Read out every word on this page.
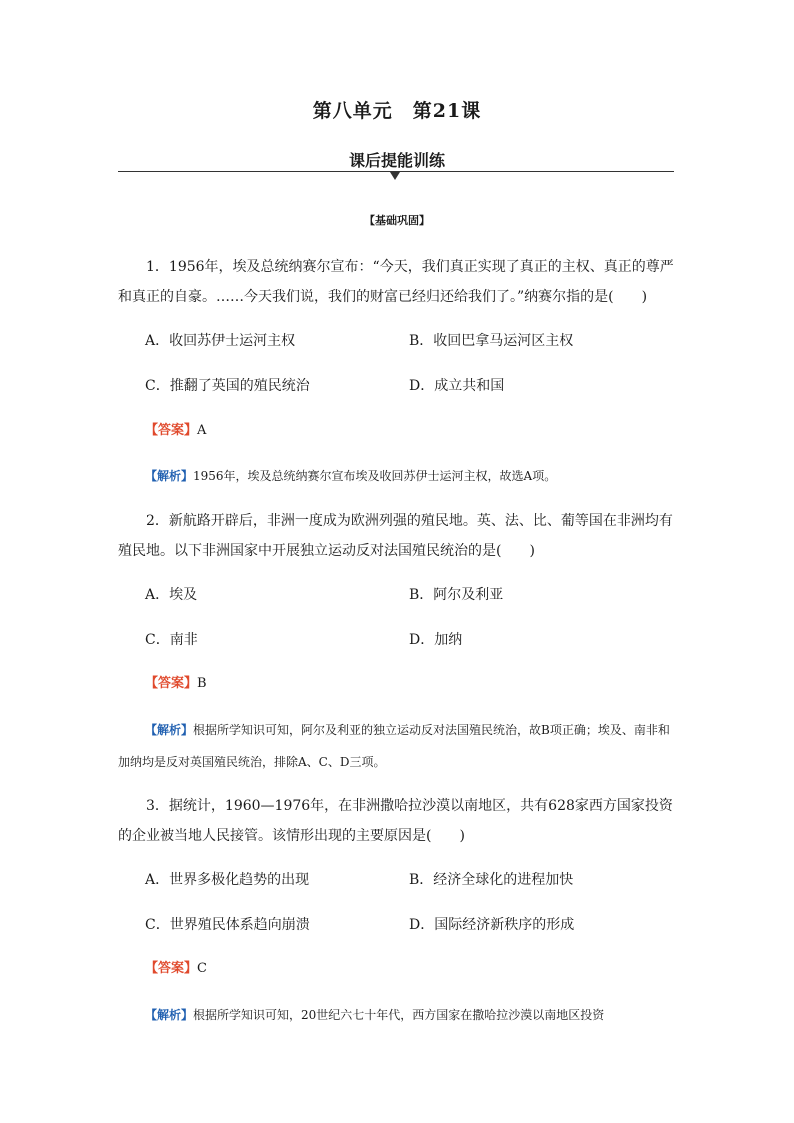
第八单元　第21课
课后提能训练
【基础巩固】

1．1956年，埃及总统纳赛尔宣布：“今天，我们真正实现了真正的主权、真正的尊严和真正的自豪。……今天我们说，我们的财富已经归还给我们了。”纳赛尔指的是(　　)

A．收回苏伊士运河主权	B．收回巴拿马运河区主权
C．推翻了英国的殖民统治	D．成立共和国
【答案】A

【解析】1956年，埃及总统纳赛尔宣布埃及收回苏伊士运河主权，故选A项。

2．新航路开辟后，非洲一度成为欧洲列强的殖民地。英、法、比、葡等国在非洲均有殖民地。以下非洲国家中开展独立运动反对法国殖民统治的是(　　)

A．埃及	B．阿尔及利亚
C．南非	D．加纳
【答案】B

【解析】根据所学知识可知，阿尔及利亚的独立运动反对法国殖民统治，故B项正确；埃及、南非和加纳均是反对英国殖民统治，排除A、C、D三项。

3．据统计，1960—1976年，在非洲撒哈拉沙漠以南地区，共有628家西方国家投资的企业被当地人民接管。该情形出现的主要原因是(　　)

A．世界多极化趋势的出现	B．经济全球化的进程加快
C．世界殖民体系趋向崩溃	D．国际经济新秩序的形成
【答案】C

【解析】根据所学知识可知，20世纪六七十年代，西方国家在撒哈拉沙漠以南地区投资
